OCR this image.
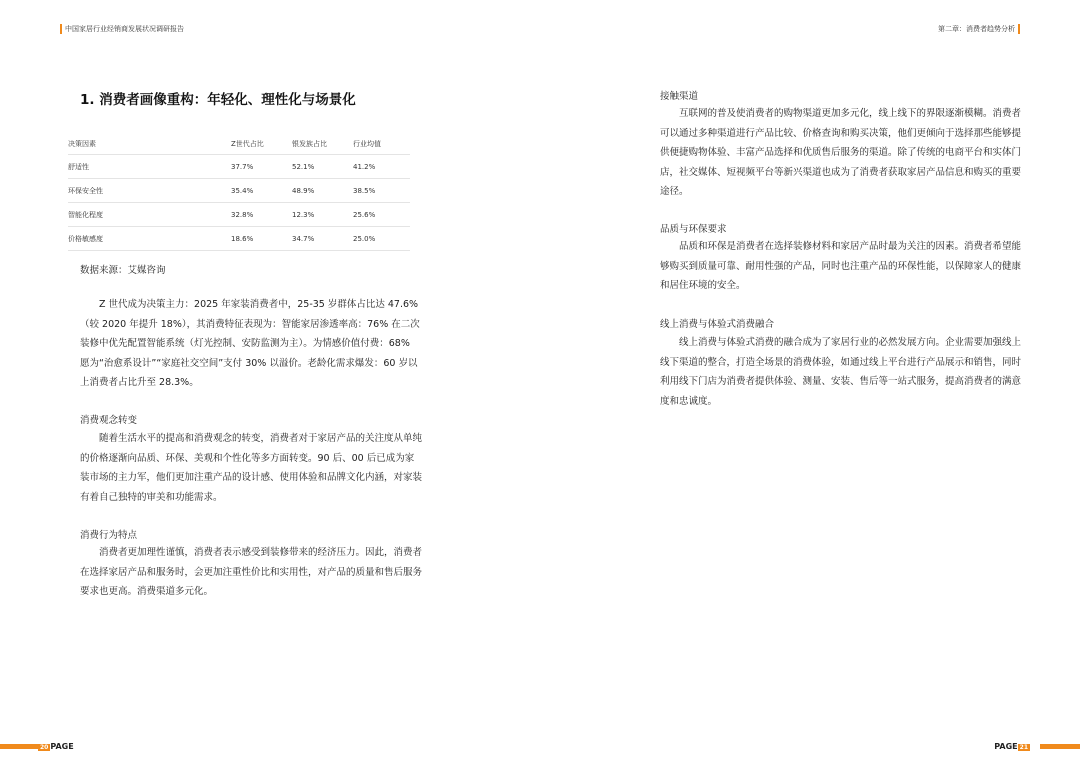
中国家居行业经销商发展状况调研报告	第二章：消费者趋势分析
1. 消费者画像重构：年轻化、理性化与场景化
决策因素	Z世代占比	银发族占比	行业均值
舒适性	37.7%	52.1%	41.2%
环保安全性	35.4%	48.9%	38.5%
智能化程度	32.8%	12.3%	25.6%
价格敏感度	18.6%	34.7%	25.0%
数据来源：艾媒咨询

Z 世代成为决策主力：2025 年家装消费者中，25-35 岁群体占比达 47.6%（较 2020 年提升 18%），其消费特征表现为：智能家居渗透率高：76% 在二次装修中优先配置智能系统（灯光控制、安防监测为主）。为情感价值付费：68% 愿为“治愈系设计”“家庭社交空间”支付 30% 以溢价。老龄化需求爆发：60 岁以上消费者占比升至 28.3%。

消费观念转变

随着生活水平的提高和消费观念的转变，消费者对于家居产品的关注度从单纯的价格逐渐向品质、环保、美观和个性化等多方面转变。90 后、00 后已成为家装市场的主力军，他们更加注重产品的设计感、使用体验和品牌文化内涵，对家装有着自己独特的审美和功能需求。

消费行为特点

消费者更加理性谨慎，消费者表示感受到装修带来的经济压力。因此，消费者在选择家居产品和服务时，会更加注重性价比和实用性，对产品的质量和售后服务要求也更高。消费渠道多元化。

接触渠道

互联网的普及使消费者的购物渠道更加多元化，线上线下的界限逐渐模糊。消费者可以通过多种渠道进行产品比较、价格查询和购买决策，他们更倾向于选择那些能够提供便捷购物体验、丰富产品选择和优质售后服务的渠道。除了传统的电商平台和实体门店，社交媒体、短视频平台等新兴渠道也成为了消费者获取家居产品信息和购买的重要途径。

品质与环保要求

品质和环保是消费者在选择装修材料和家居产品时最为关注的因素。消费者希望能够购买到质量可靠、耐用性强的产品，同时也注重产品的环保性能，以保障家人的健康和居住环境的安全。

线上消费与体验式消费融合

线上消费与体验式消费的融合成为了家居行业的必然发展方向。企业需要加强线上线下渠道的整合，打造全场景的消费体验，如通过线上平台进行产品展示和销售，同时利用线下门店为消费者提供体验、测量、安装、售后等一站式服务，提高消费者的满意度和忠诚度。

20 PAGE	PAGE 21
